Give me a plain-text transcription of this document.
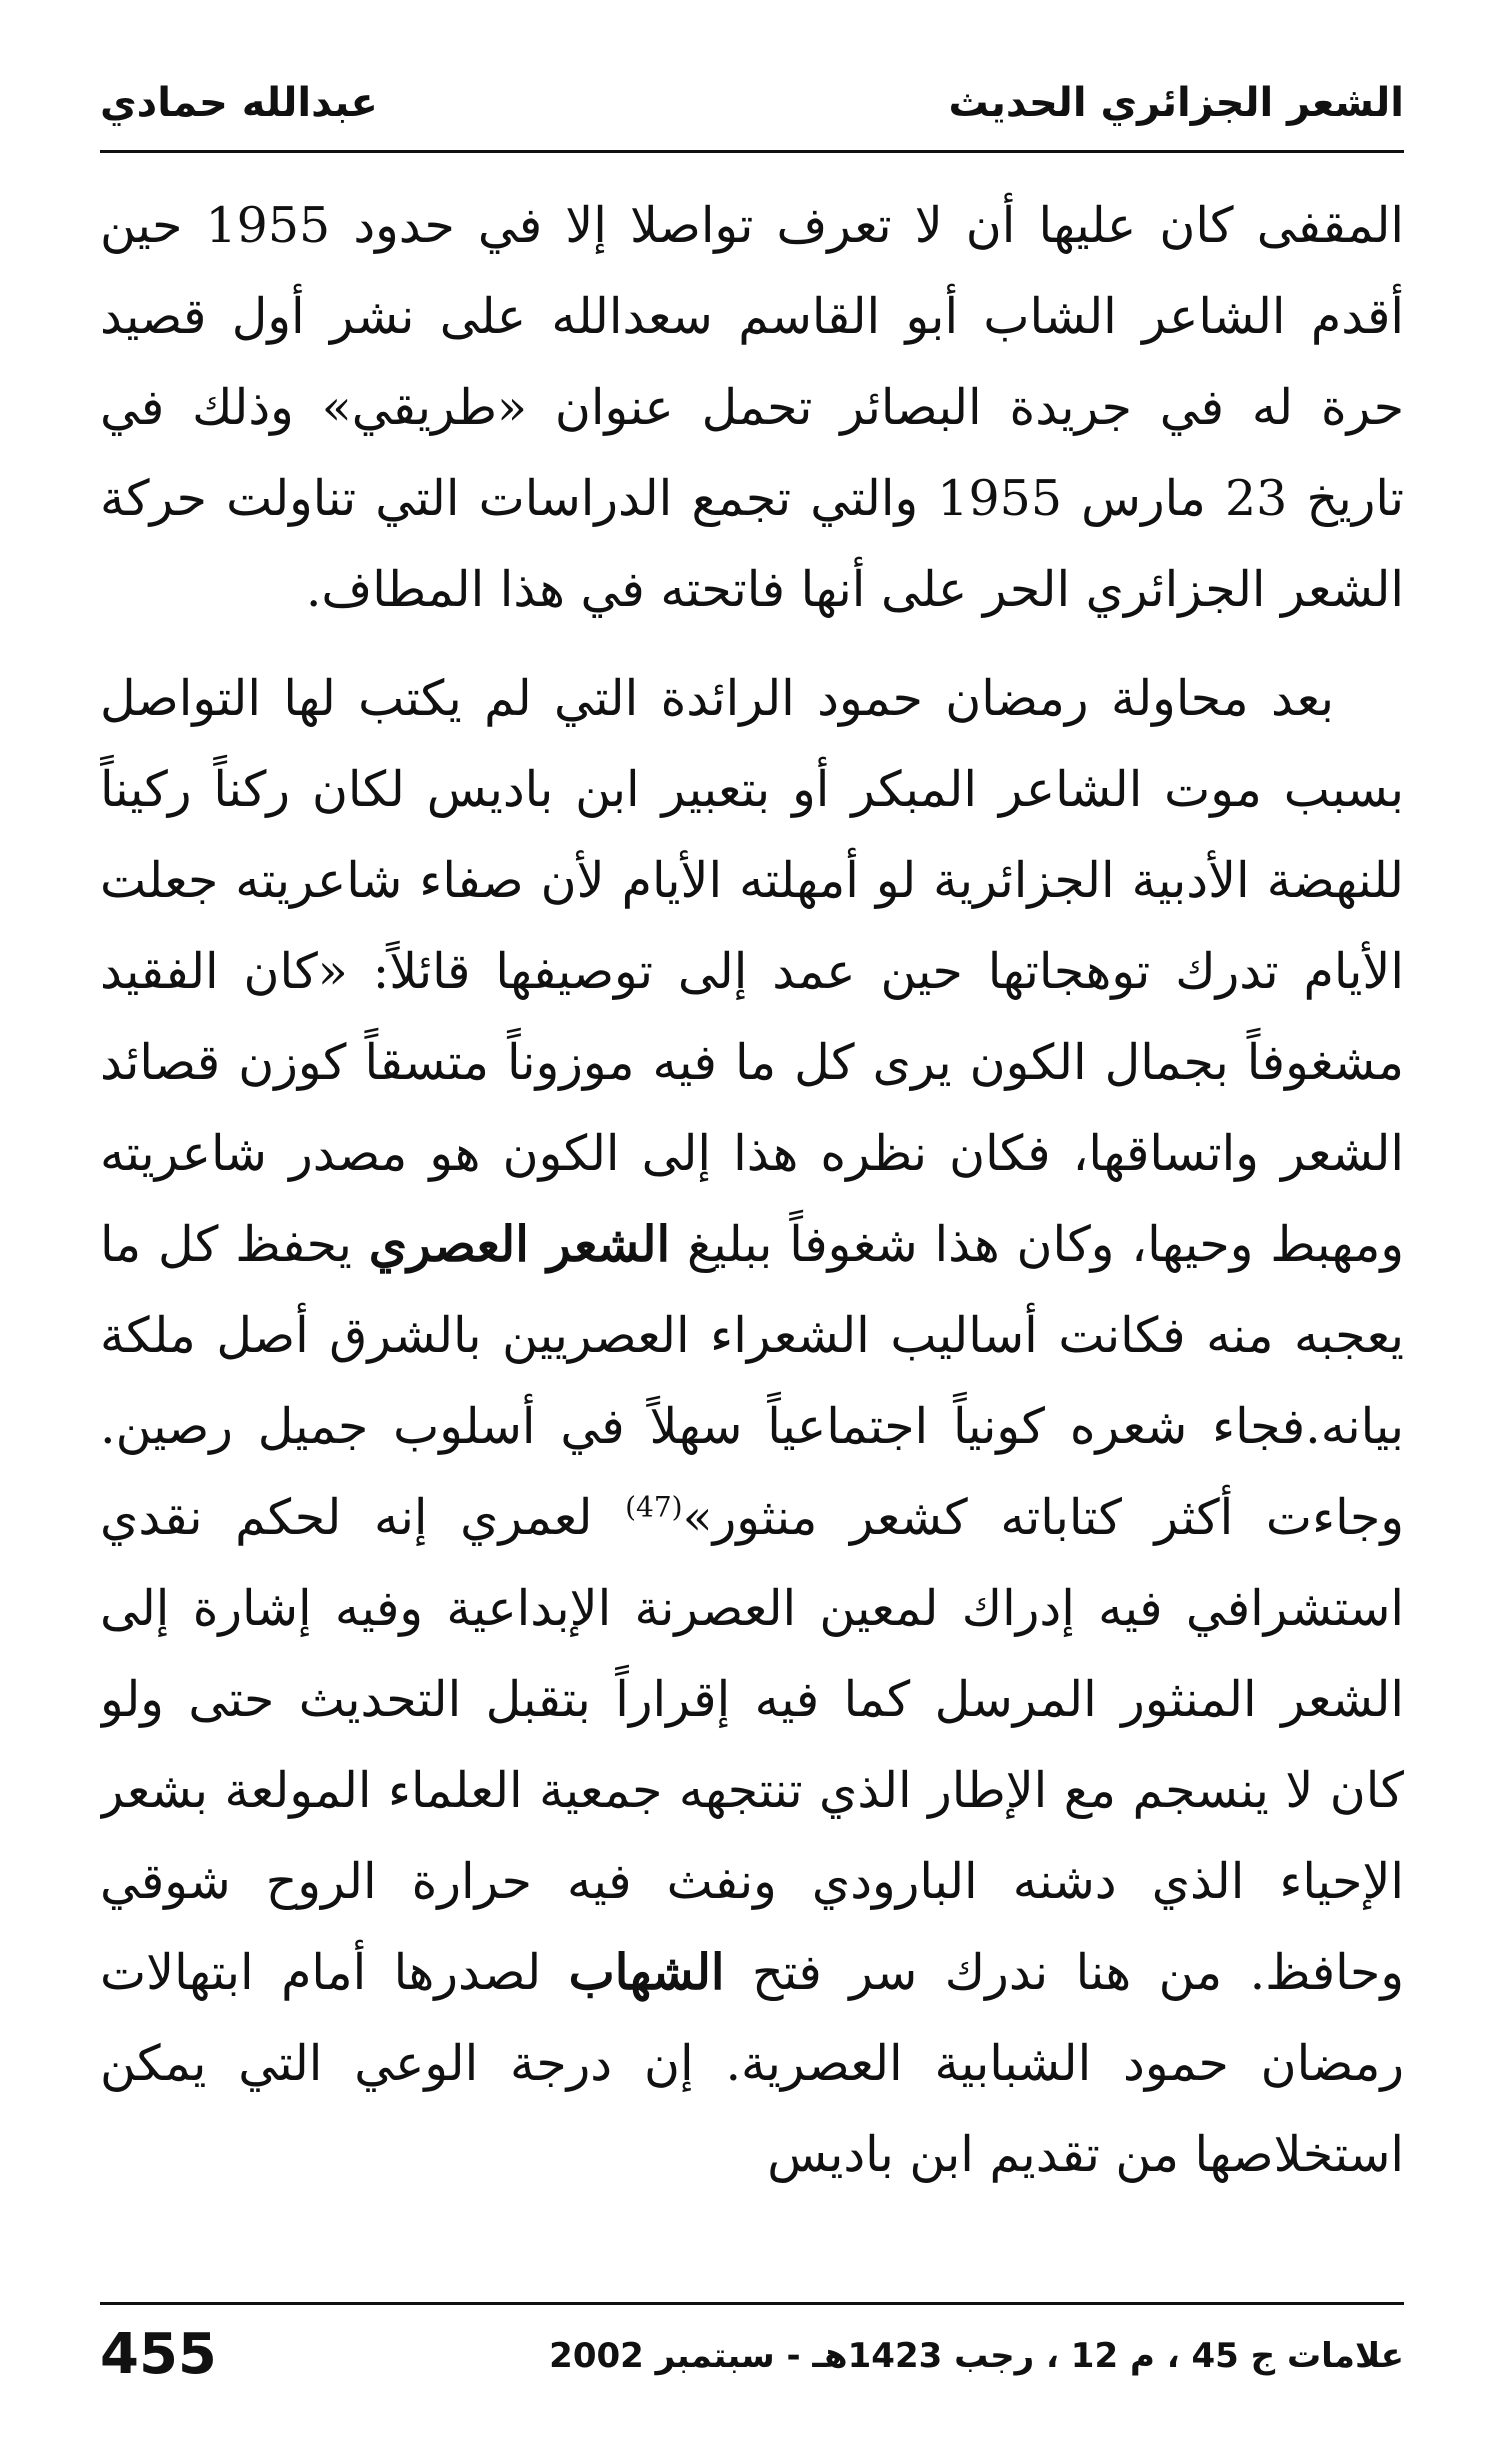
الشعر الجزائري الحديث
عبدالله حمادي

المقفى كان عليها أن لا تعرف تواصلا إلا في حدود 1955 حين أقدم الشاعر الشاب أبو القاسم سعدالله على نشر أول قصيد حرة له في جريدة البصائر تحمل عنوان «طريقي» وذلك في تاريخ 23 مارس 1955 والتي تجمع الدراسات التي تناولت حركة الشعر الجزائري الحر على أنها فاتحته في هذا المطاف.

بعد محاولة رمضان حمود الرائدة التي لم يكتب لها التواصل بسبب موت الشاعر المبكر أو بتعبير ابن باديس لكان ركناً ركيناً للنهضة الأدبية الجزائرية لو أمهلته الأيام لأن صفاء شاعريته جعلت الأيام تدرك توهجاتها حين عمد إلى توصيفها قائلاً: «كان الفقيد مشغوفاً بجمال الكون يرى كل ما فيه موزوناً متسقاً كوزن قصائد الشعر واتساقها، فكان نظره هذا إلى الكون هو مصدر شاعريته ومهبط وحيها، وكان هذا شغوفاً ببليغ الشعر العصري يحفظ كل ما يعجبه منه فكانت أساليب الشعراء العصريين بالشرق أصل ملكة بيانه.فجاء شعره كونياً اجتماعياً سهلاً في أسلوب جميل رصين. وجاءت أكثر كتاباته كشعر منثور»$^{(47)}$ لعمري إنه لحكم نقدي استشرافي فيه إدراك لمعين العصرنة الإبداعية وفيه إشارة إلى الشعر المنثور المرسل كما فيه إقراراً بتقبل التحديث حتى ولو كان لا ينسجم مع الإطار الذي تنتجهه جمعية العلماء المولعة بشعر الإحياء الذي دشنه البارودي ونفث فيه حرارة الروح شوقي وحافظ. من هنا ندرك سر فتح الشهاب لصدرها أمام ابتهالات رمضان حمود الشبابية العصرية. إن درجة الوعي التي يمكن استخلاصها من تقديم ابن باديس

علامات ج 45 ، م 12 ، رجب 1423هـ - سبتمبر 2002
455
